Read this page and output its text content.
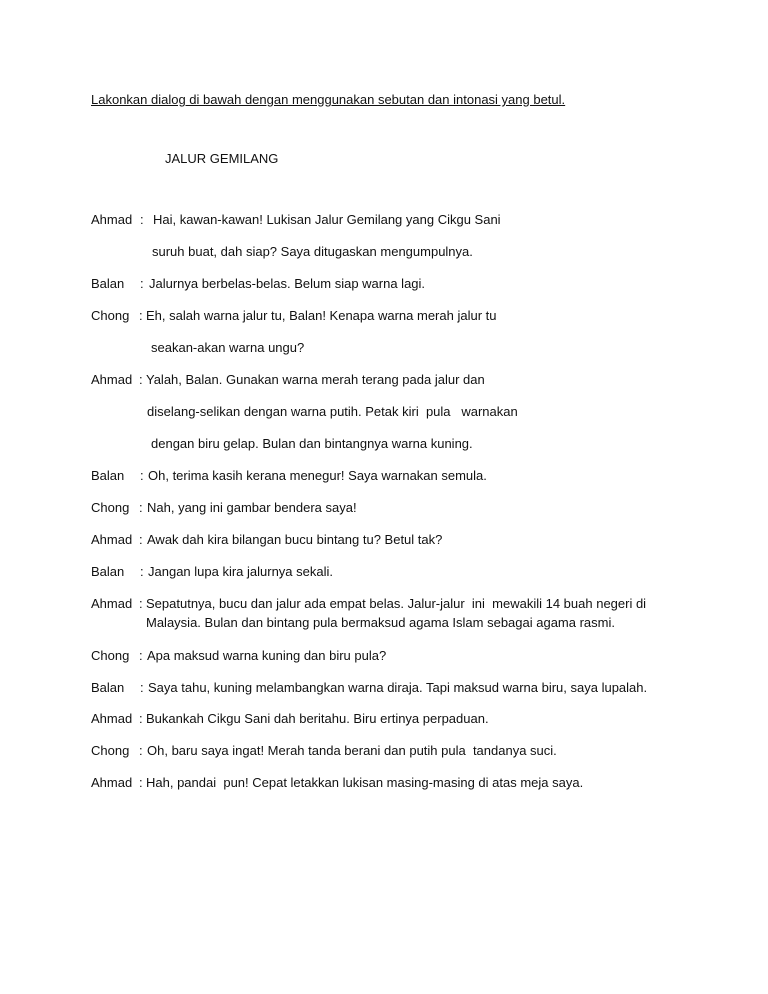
Lakonkan dialog di bawah dengan menggunakan sebutan dan intonasi yang betul.
JALUR GEMILANG
Ahmad : Hai, kawan-kawan! Lukisan Jalur Gemilang yang Cikgu Sani
suruh buat, dah siap? Saya ditugaskan mengumpulnya.
Balan	: Jalurnya berbelas-belas. Belum siap warna lagi.
Chong : Eh, salah warna jalur tu, Balan! Kenapa warna merah jalur tu
seakan-akan warna ungu?
Ahmad : Yalah, Balan. Gunakan warna merah terang pada jalur dan
diselang-selikan dengan warna putih. Petak kiri  pula   warnakan
dengan biru gelap. Bulan dan bintangnya warna kuning.
Balan	: Oh, terima kasih kerana menegur! Saya warnakan semula.
Chong : Nah, yang ini gambar bendera saya!
Ahmad : Awak dah kira bilangan bucu bintang tu? Betul tak?
Balan	: Jangan lupa kira jalurnya sekali.
Ahmad : Sepatutnya, bucu dan jalur ada empat belas. Jalur-jalur  ini  mewakili 14 buah negeri di
Malaysia. Bulan dan bintang pula bermaksud agama Islam sebagai agama rasmi.
Chong : Apa maksud warna kuning dan biru pula?
Balan	: Saya tahu, kuning melambangkan warna diraja. Tapi maksud warna biru, saya lupalah.
Ahmad : Bukankah Cikgu Sani dah beritahu. Biru ertinya perpaduan.
Chong : Oh, baru saya ingat! Merah tanda berani dan putih pula  tandanya suci.
Ahmad : Hah, pandai  pun! Cepat letakkan lukisan masing-masing di atas meja saya.
